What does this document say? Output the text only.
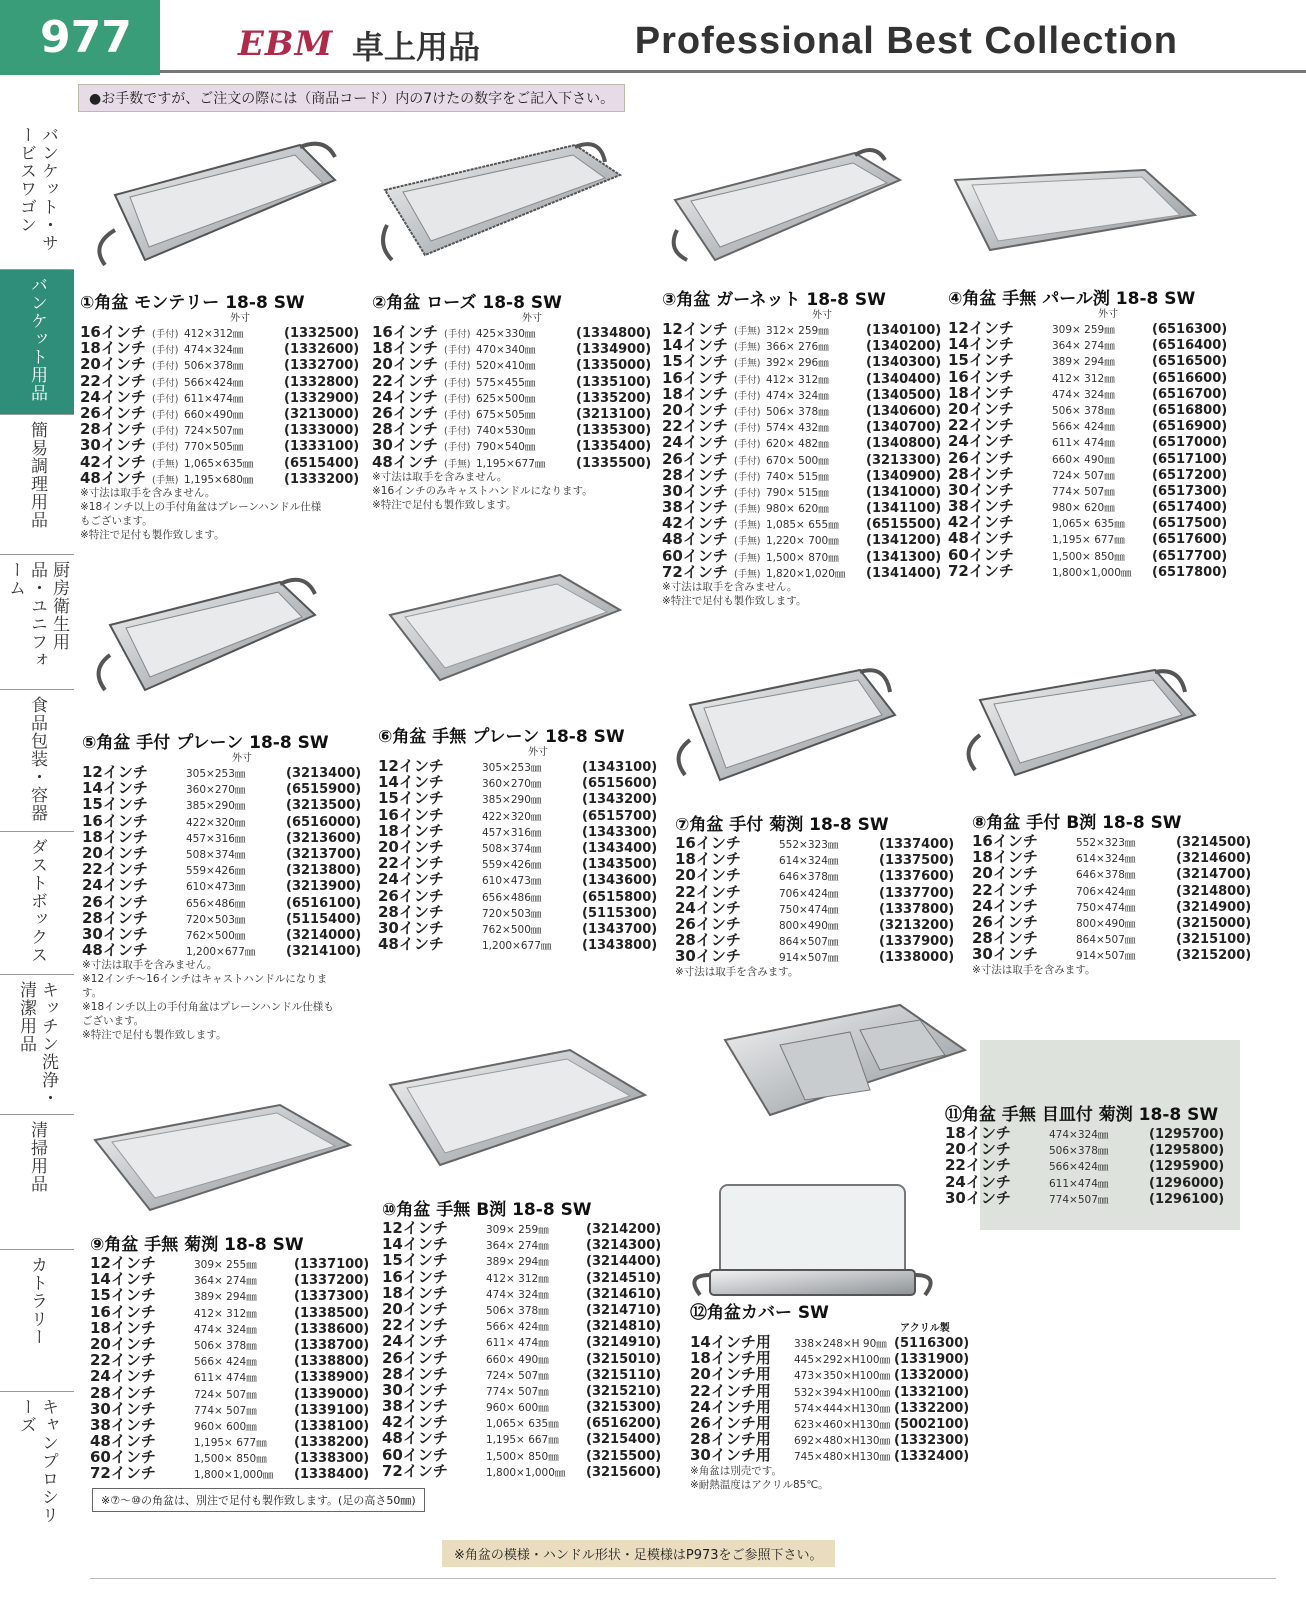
977	EBM 卓上用品	Professional Best Collection
●お手数ですが、ご注文の際には（商品コード）内の7けたの数字をご記入下さい。
バンケット・サービスワゴン
バンケット用品
簡易調理用品
厨房衛生用品・ユニフォーム
食品包装・容器
ダストボックス
キッチン洗浄・清潔用品
清掃用品
カトラリー
キャンプロシリーズ
①角盆 モンテリー 18-8 SW
外寸
16インチ (手付) 412×312㎜	(1332500)
18インチ (手付) 474×324㎜	(1332600)
20インチ (手付) 506×378㎜	(1332700)
22インチ (手付) 566×424㎜	(1332800)
24インチ (手付) 611×474㎜	(1332900)
26インチ (手付) 660×490㎜	(3213000)
28インチ (手付) 724×507㎜	(1333000)
30インチ (手付) 770×505㎜	(1333100)
42インチ (手無) 1,065×635㎜	(6515400)
48インチ (手無) 1,195×680㎜	(1333200)
※寸法は取手を含みません。
※18インチ以上の手付角盆はプレーンハンドル仕様もございます。
※特注で足付も製作致します。
②角盆 ローズ 18-8 SW
外寸
16インチ (手付) 425×330㎜	(1334800)
18インチ (手付) 470×340㎜	(1334900)
20インチ (手付) 520×410㎜	(1335000)
22インチ (手付) 575×455㎜	(1335100)
24インチ (手付) 625×500㎜	(1335200)
26インチ (手付) 675×505㎜	(3213100)
28インチ (手付) 740×530㎜	(1335300)
30インチ (手付) 790×540㎜	(1335400)
48インチ (手無) 1,195×677㎜	(1335500)
※寸法は取手を含みません。
※16インチのみキャストハンドルになります。
※特注で足付も製作致します。
③角盆 ガーネット 18-8 SW
外寸
12インチ (手無) 312× 259㎜	(1340100)
14インチ (手無) 366× 276㎜	(1340200)
15インチ (手無) 392× 296㎜	(1340300)
16インチ (手付) 412× 312㎜	(1340400)
18インチ (手付) 474× 324㎜	(1340500)
20インチ (手付) 506× 378㎜	(1340600)
22インチ (手付) 574× 432㎜	(1340700)
24インチ (手付) 620× 482㎜	(1340800)
26インチ (手付) 670× 500㎜	(3213300)
28インチ (手付) 740× 515㎜	(1340900)
30インチ (手付) 790× 515㎜	(1341000)
38インチ (手無) 980× 620㎜	(1341100)
42インチ (手無) 1,085× 655㎜	(6515500)
48インチ (手無) 1,220× 700㎜	(1341200)
60インチ (手無) 1,500× 870㎜	(1341300)
72インチ (手無) 1,820×1,020㎜	(1341400)
※寸法は取手を含みません。
※特注で足付も製作致します。
④角盆 手無 パール渕 18-8 SW
外寸
12インチ	309× 259㎜	(6516300)
14インチ	364× 274㎜	(6516400)
15インチ	389× 294㎜	(6516500)
16インチ	412× 312㎜	(6516600)
18インチ	474× 324㎜	(6516700)
20インチ	506× 378㎜	(6516800)
22インチ	566× 424㎜	(6516900)
24インチ	611× 474㎜	(6517000)
26インチ	660× 490㎜	(6517100)
28インチ	724× 507㎜	(6517200)
30インチ	774× 507㎜	(6517300)
38インチ	980× 620㎜	(6517400)
42インチ	1,065× 635㎜	(6517500)
48インチ	1,195× 677㎜	(6517600)
60インチ	1,500× 850㎜	(6517700)
72インチ	1,800×1,000㎜	(6517800)
⑤角盆 手付 プレーン 18-8 SW
外寸
12インチ	305×253㎜	(3213400)
14インチ	360×270㎜	(6515900)
15インチ	385×290㎜	(3213500)
16インチ	422×320㎜	(6516000)
18インチ	457×316㎜	(3213600)
20インチ	508×374㎜	(3213700)
22インチ	559×426㎜	(3213800)
24インチ	610×473㎜	(3213900)
26インチ	656×486㎜	(6516100)
28インチ	720×503㎜	(5115400)
30インチ	762×500㎜	(3214000)
48インチ	1,200×677㎜	(3214100)
※寸法は取手を含みません。
※12インチ～16インチはキャストハンドルになります。
※18インチ以上の手付角盆はプレーンハンドル仕様もございます。
※特注で足付も製作致します。
⑥角盆 手無 プレーン 18-8 SW
外寸
12インチ	305×253㎜	(1343100)
14インチ	360×270㎜	(6515600)
15インチ	385×290㎜	(1343200)
16インチ	422×320㎜	(6515700)
18インチ	457×316㎜	(1343300)
20インチ	508×374㎜	(1343400)
22インチ	559×426㎜	(1343500)
24インチ	610×473㎜	(1343600)
26インチ	656×486㎜	(6515800)
28インチ	720×503㎜	(5115300)
30インチ	762×500㎜	(1343700)
48インチ	1,200×677㎜	(1343800)
⑦角盆 手付 菊渕 18-8 SW
16インチ	552×323㎜	(1337400)
18インチ	614×324㎜	(1337500)
20インチ	646×378㎜	(1337600)
22インチ	706×424㎜	(1337700)
24インチ	750×474㎜	(1337800)
26インチ	800×490㎜	(3213200)
28インチ	864×507㎜	(1337900)
30インチ	914×507㎜	(1338000)
※寸法は取手を含みます。
⑧角盆 手付 B渕 18-8 SW
16インチ	552×323㎜	(3214500)
18インチ	614×324㎜	(3214600)
20インチ	646×378㎜	(3214700)
22インチ	706×424㎜	(3214800)
24インチ	750×474㎜	(3214900)
26インチ	800×490㎜	(3215000)
28インチ	864×507㎜	(3215100)
30インチ	914×507㎜	(3215200)
※寸法は取手を含みます。
⑨角盆 手無 菊渕 18-8 SW
12インチ	309× 255㎜	(1337100)
14インチ	364× 274㎜	(1337200)
15インチ	389× 294㎜	(1337300)
16インチ	412× 312㎜	(1338500)
18インチ	474× 324㎜	(1338600)
20インチ	506× 378㎜	(1338700)
22インチ	566× 424㎜	(1338800)
24インチ	611× 474㎜	(1338900)
28インチ	724× 507㎜	(1339000)
30インチ	774× 507㎜	(1339100)
38インチ	960× 600㎜	(1338100)
48インチ	1,195× 677㎜	(1338200)
60インチ	1,500× 850㎜	(1338300)
72インチ	1,800×1,000㎜	(1338400)
⑩角盆 手無 B渕 18-8 SW
12インチ	309× 259㎜	(3214200)
14インチ	364× 274㎜	(3214300)
15インチ	389× 294㎜	(3214400)
16インチ	412× 312㎜	(3214510)
18インチ	474× 324㎜	(3214610)
20インチ	506× 378㎜	(3214710)
22インチ	566× 424㎜	(3214810)
24インチ	611× 474㎜	(3214910)
26インチ	660× 490㎜	(3215010)
28インチ	724× 507㎜	(3215110)
30インチ	774× 507㎜	(3215210)
38インチ	960× 600㎜	(3215300)
42インチ	1,065× 635㎜	(6516200)
48インチ	1,195× 667㎜	(3215400)
60インチ	1,500× 850㎜	(3215500)
72インチ	1,800×1,000㎜	(3215600)
⑪角盆 手無 目皿付 菊渕 18-8 SW
18インチ	474×324㎜	(1295700)
20インチ	506×378㎜	(1295800)
22インチ	566×424㎜	(1295900)
24インチ	611×474㎜	(1296000)
30インチ	774×507㎜	(1296100)
⑫角盆カバー SW
アクリル製
14インチ用 338×248×H 90㎜ (5116300)
18インチ用 445×292×H100㎜ (1331900)
20インチ用 473×350×H100㎜ (1332000)
22インチ用 532×394×H100㎜ (1332100)
24インチ用 574×444×H130㎜ (1332200)
26インチ用 623×460×H130㎜ (5002100)
28インチ用 692×480×H130㎜ (1332300)
30インチ用 745×480×H130㎜ (1332400)
※角盆は別売です。
※耐熱温度はアクリル85℃。
※⑦～⑩の角盆は、別注で足付も製作致します。(足の高さ50㎜)
※角盆の模様・ハンドル形状・足模様はP973をご参照下さい。
